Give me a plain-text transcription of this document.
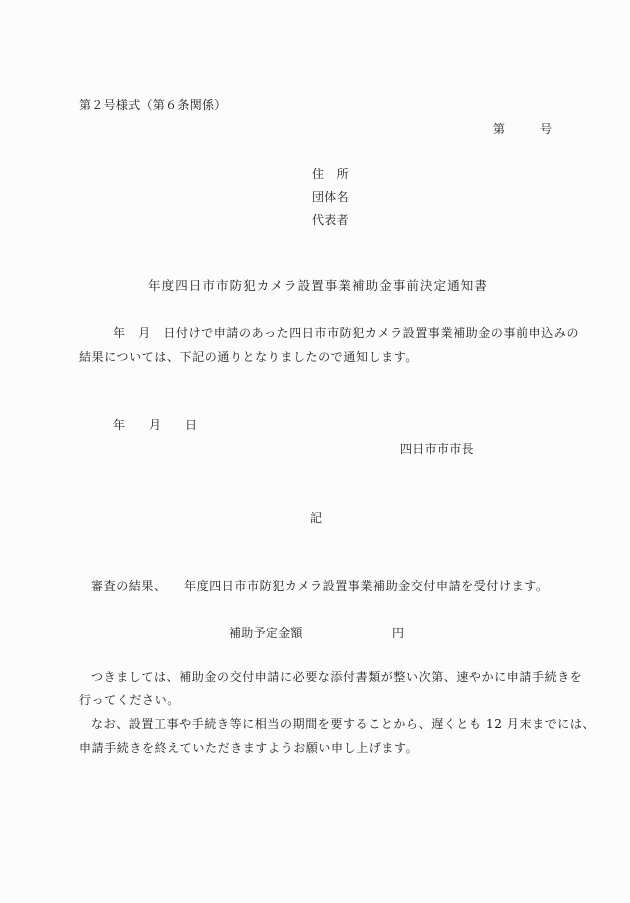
第２号様式（第６条関係）
第	号
住　所
団体名
代表者
年度四日市市防犯カメラ設置事業補助金事前決定通知書
年　月　日付けで申請のあった四日市市防犯カメラ設置事業補助金の事前申込みの
結果については、下記の通りとなりましたので通知します。
年 月 日
四日市市市長
記
審査の結果、 年度四日市市防犯カメラ設置事業補助金交付申請を受付けます。
補助予定金額	円
つきましては、補助金の交付申請に必要な添付書類が整い次第、速やかに申請手続きを
行ってください。
なお、設置工事や手続き等に相当の期間を要することから、遅くとも 12 月末までには、
申請手続きを終えていただきますようお願い申し上げます。
